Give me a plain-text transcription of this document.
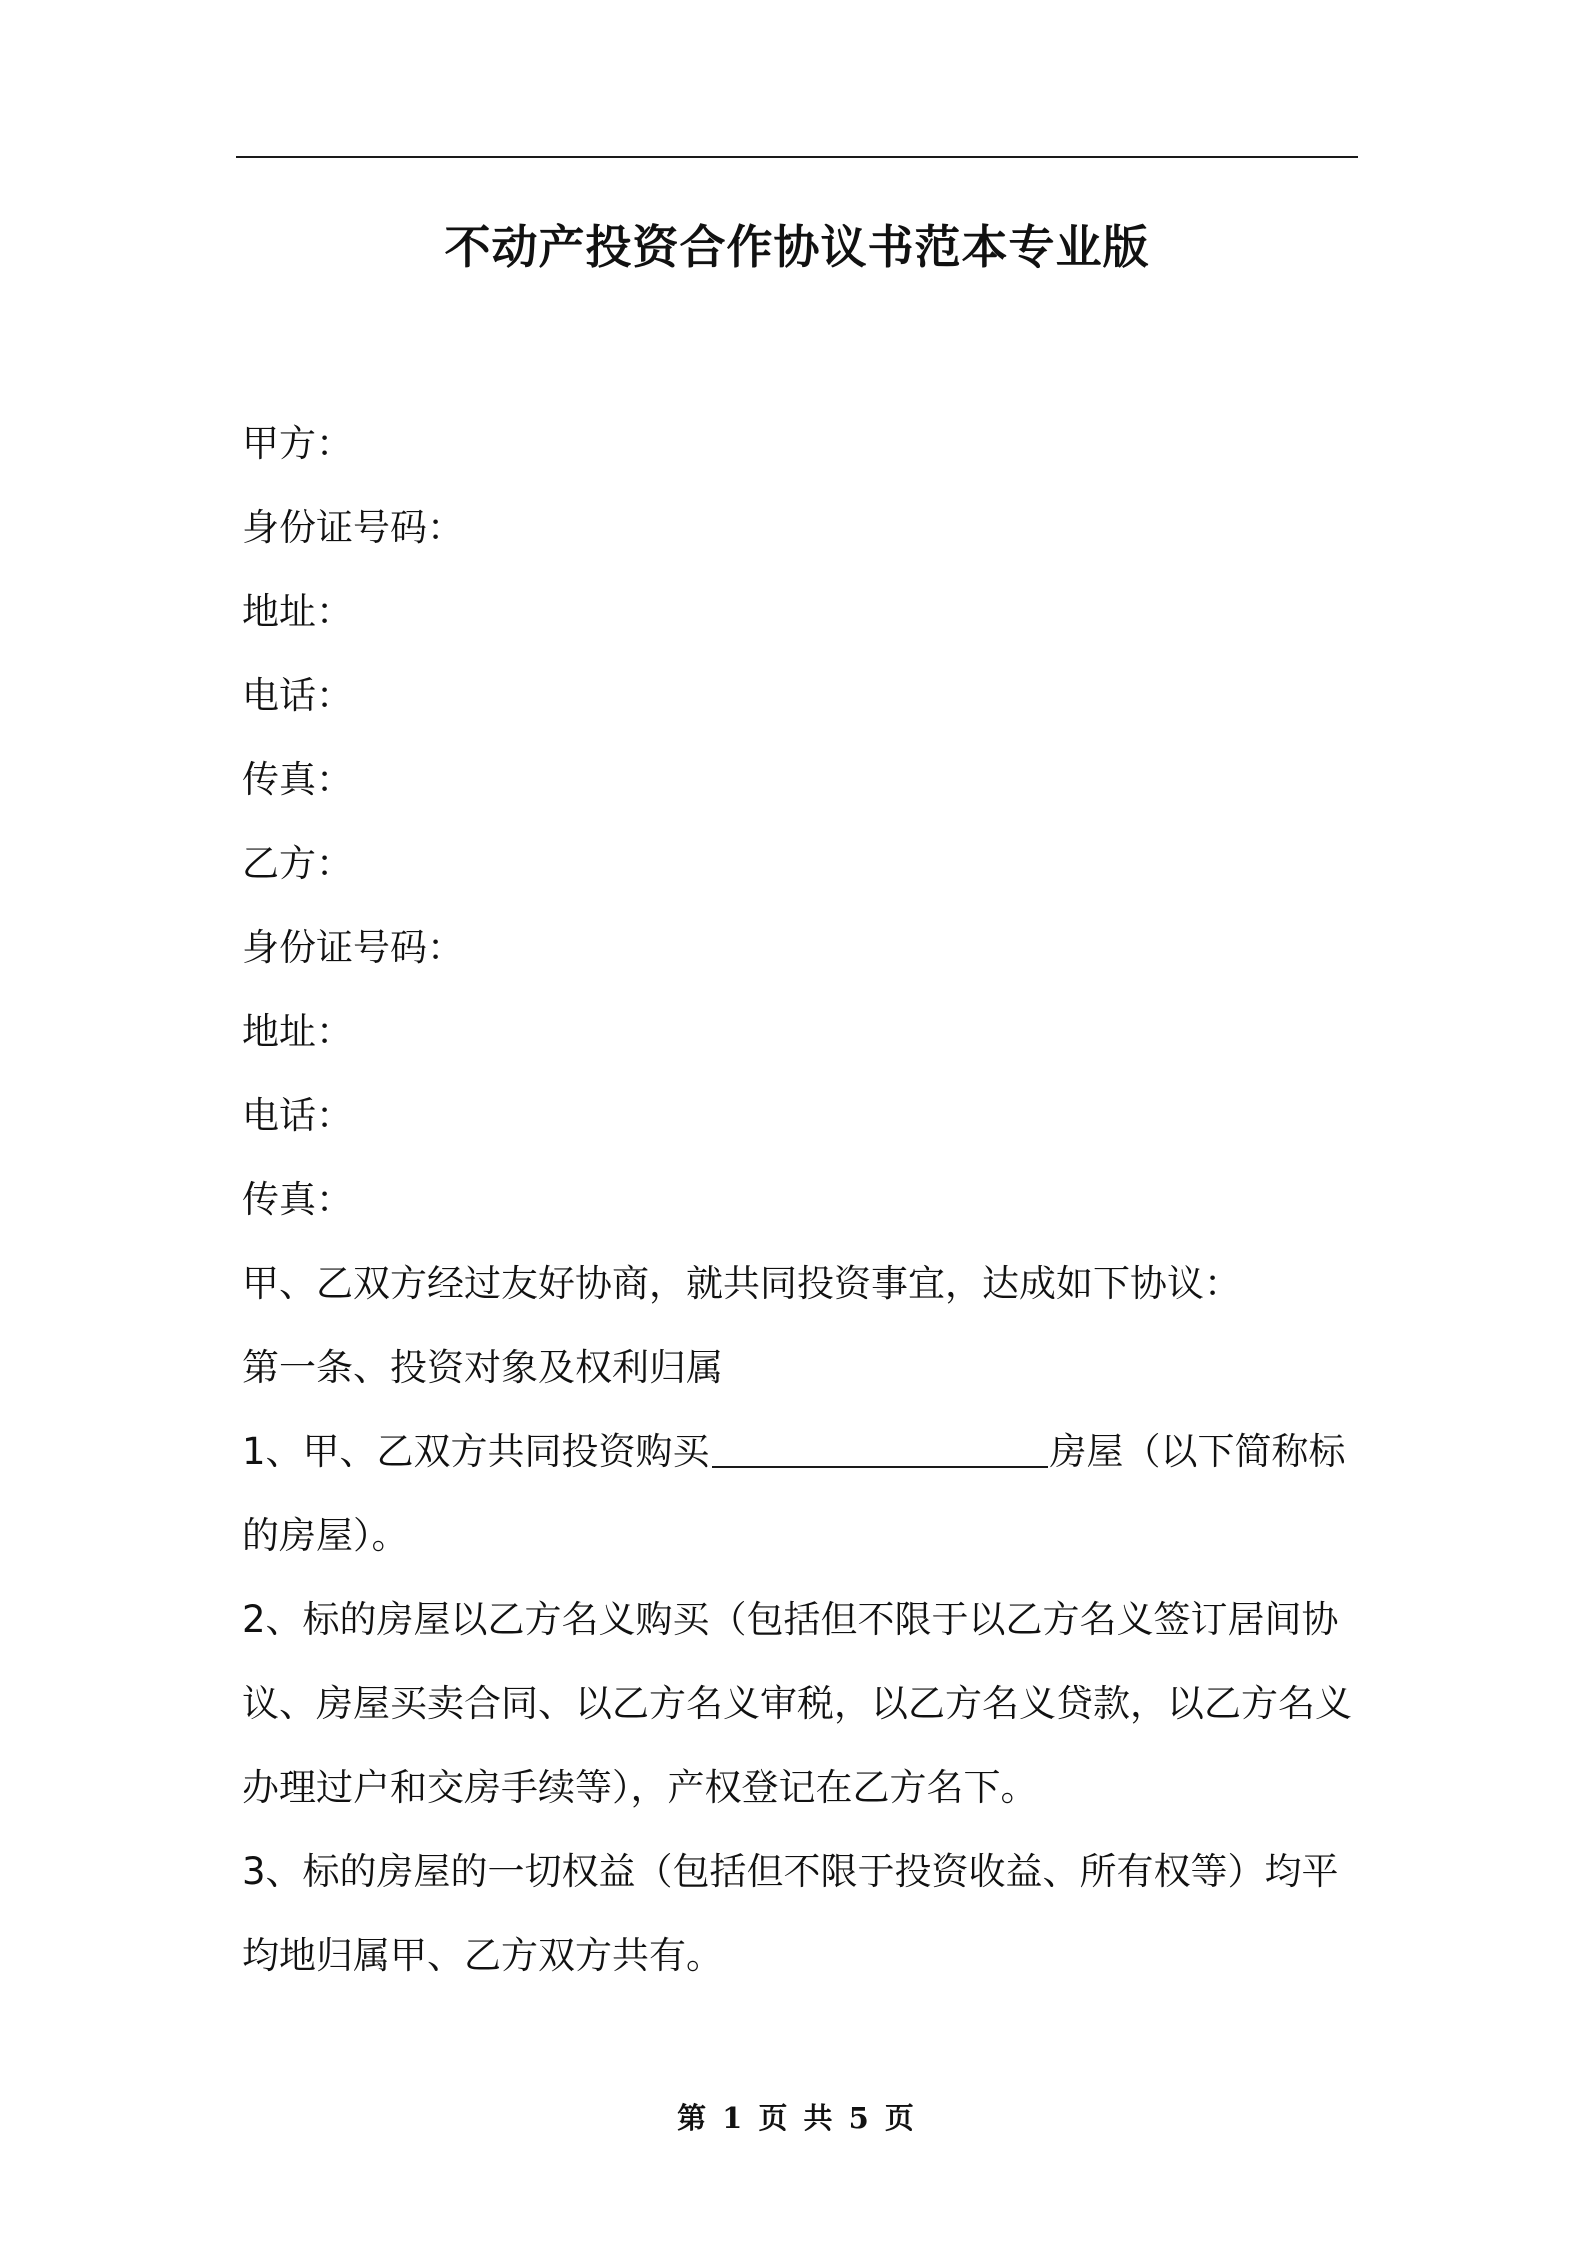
不动产投资合作协议书范本专业版
甲方：
身份证号码：
地址：
电话：
传真：
乙方：
身份证号码：
地址：
电话：
传真：
甲、乙双方经过友好协商，就共同投资事宜，达成如下协议：
第一条、投资对象及权利归属
1、甲、乙双方共同投资购买	房屋（以下简称标
的房屋）。
2、标的房屋以乙方名义购买（包括但不限于以乙方名义签订居间协
议、房屋买卖合同、以乙方名义审税，以乙方名义贷款，以乙方名义
办理过户和交房手续等），产权登记在乙方名下。
3、标的房屋的一切权益（包括但不限于投资收益、所有权等）均平
均地归属甲、乙方双方共有。
第 1 页 共 5 页
